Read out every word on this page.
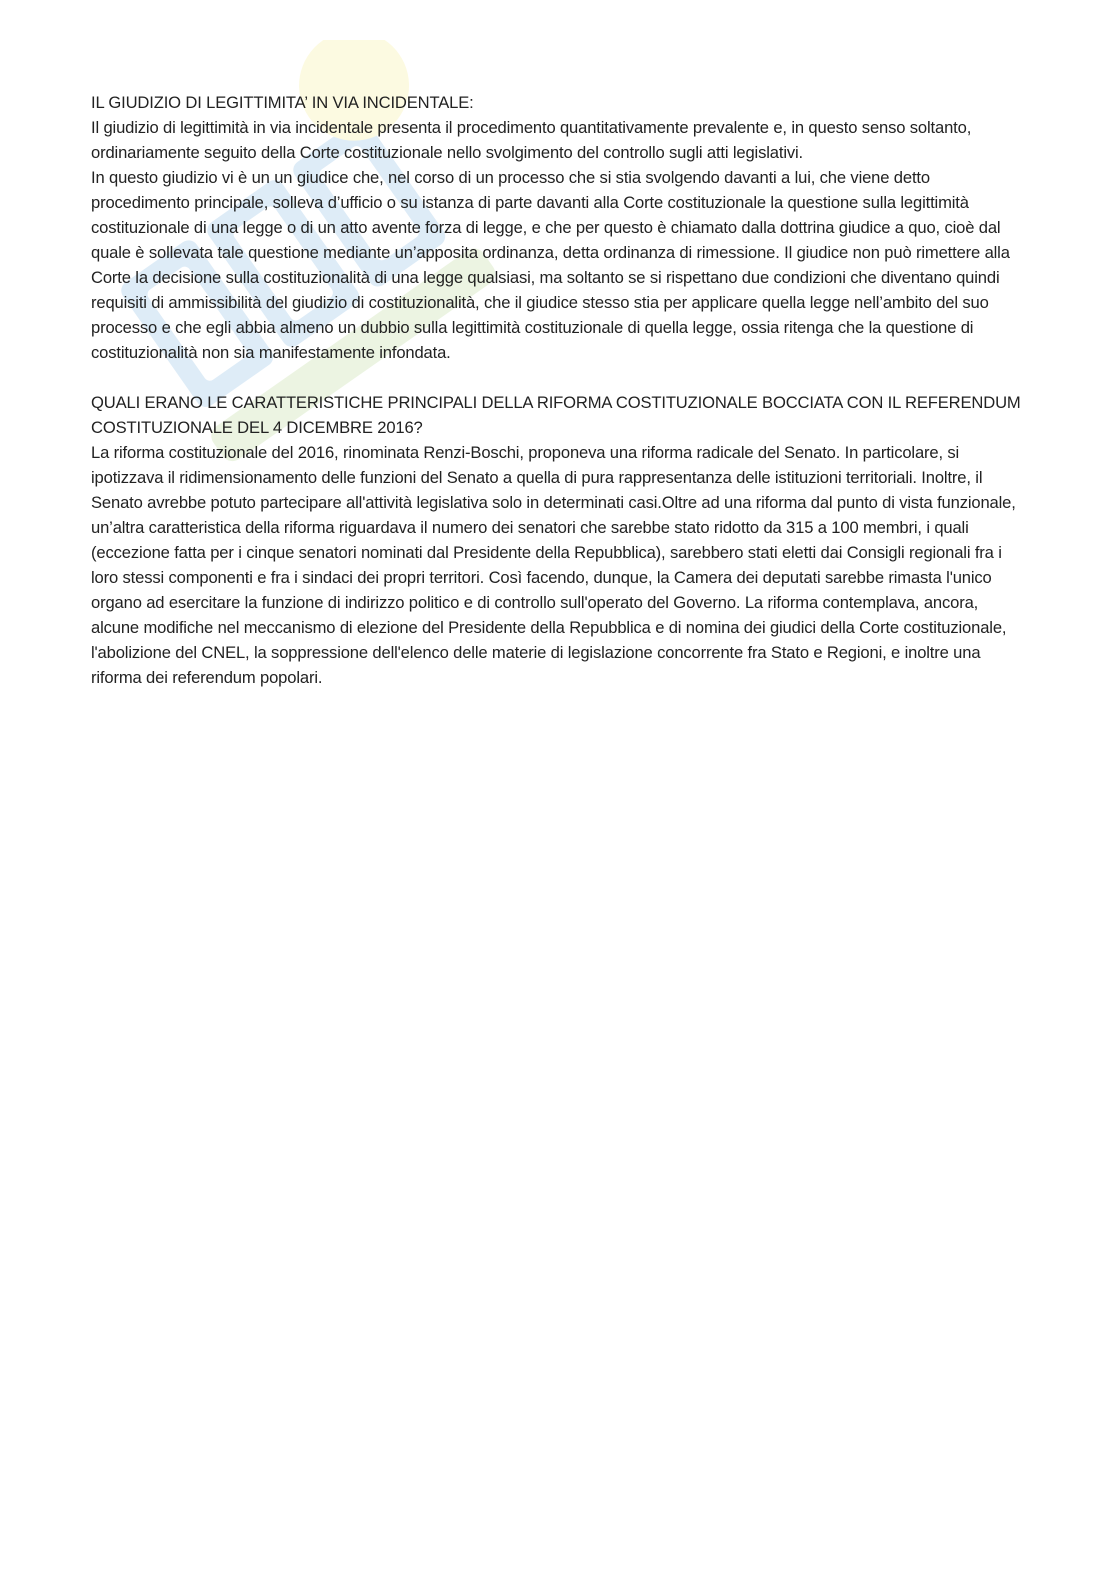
IL GIUDIZIO DI LEGITTIMITA’ IN VIA INCIDENTALE:

Il giudizio di legittimità in via incidentale presenta il procedimento quantitativamente prevalente e, in questo senso soltanto, ordinariamente seguito della Corte costituzionale nello svolgimento del controllo sugli atti legislativi.

In questo giudizio vi è un un giudice che, nel corso di un processo che si stia svolgendo davanti a lui, che viene detto procedimento principale, solleva d’ufficio o su istanza di parte davanti alla Corte costituzionale la questione sulla legittimità costituzionale di una legge o di un atto avente forza di legge, e che per questo è chiamato dalla dottrina giudice a quo, cioè dal quale è sollevata tale questione mediante un’apposita ordinanza, detta ordinanza di rimessione. Il giudice non può rimettere alla Corte la decisione sulla costituzionalità di una legge qualsiasi, ma soltanto se si rispettano due condizioni che diventano quindi requisiti di ammissibilità del giudizio di costituzionalità, che il giudice stesso stia per applicare quella legge nell’ambito del suo processo e che egli abbia almeno un dubbio sulla legittimità costituzionale di quella legge, ossia ritenga che la questione di costituzionalità non sia manifestamente infondata.

QUALI ERANO LE CARATTERISTICHE PRINCIPALI DELLA RIFORMA COSTITUZIONALE BOCCIATA CON IL REFERENDUM COSTITUZIONALE DEL 4 DICEMBRE 2016?

La riforma costituzionale del 2016, rinominata Renzi-Boschi, proponeva una riforma radicale del Senato. In particolare, si ipotizzava il ridimensionamento delle funzioni del Senato a quella di pura rappresentanza delle istituzioni territoriali. Inoltre, il Senato avrebbe potuto partecipare all'attività legislativa solo in determinati casi.Oltre ad una riforma dal punto di vista funzionale, un’altra caratteristica della riforma riguardava il numero dei senatori che sarebbe stato ridotto da 315 a 100 membri, i quali (eccezione fatta per i cinque senatori nominati dal Presidente della Repubblica), sarebbero stati eletti dai Consigli regionali fra i loro stessi componenti e fra i sindaci dei propri territori. Così facendo, dunque, la Camera dei deputati sarebbe rimasta l'unico organo ad esercitare la funzione di indirizzo politico e di controllo sull'operato del Governo. La riforma contemplava, ancora, alcune modifiche nel meccanismo di elezione del Presidente della Repubblica e di nomina dei giudici della Corte costituzionale, l'abolizione del CNEL, la soppressione dell'elenco delle materie di legislazione concorrente fra Stato e Regioni, e inoltre una riforma dei referendum popolari.
